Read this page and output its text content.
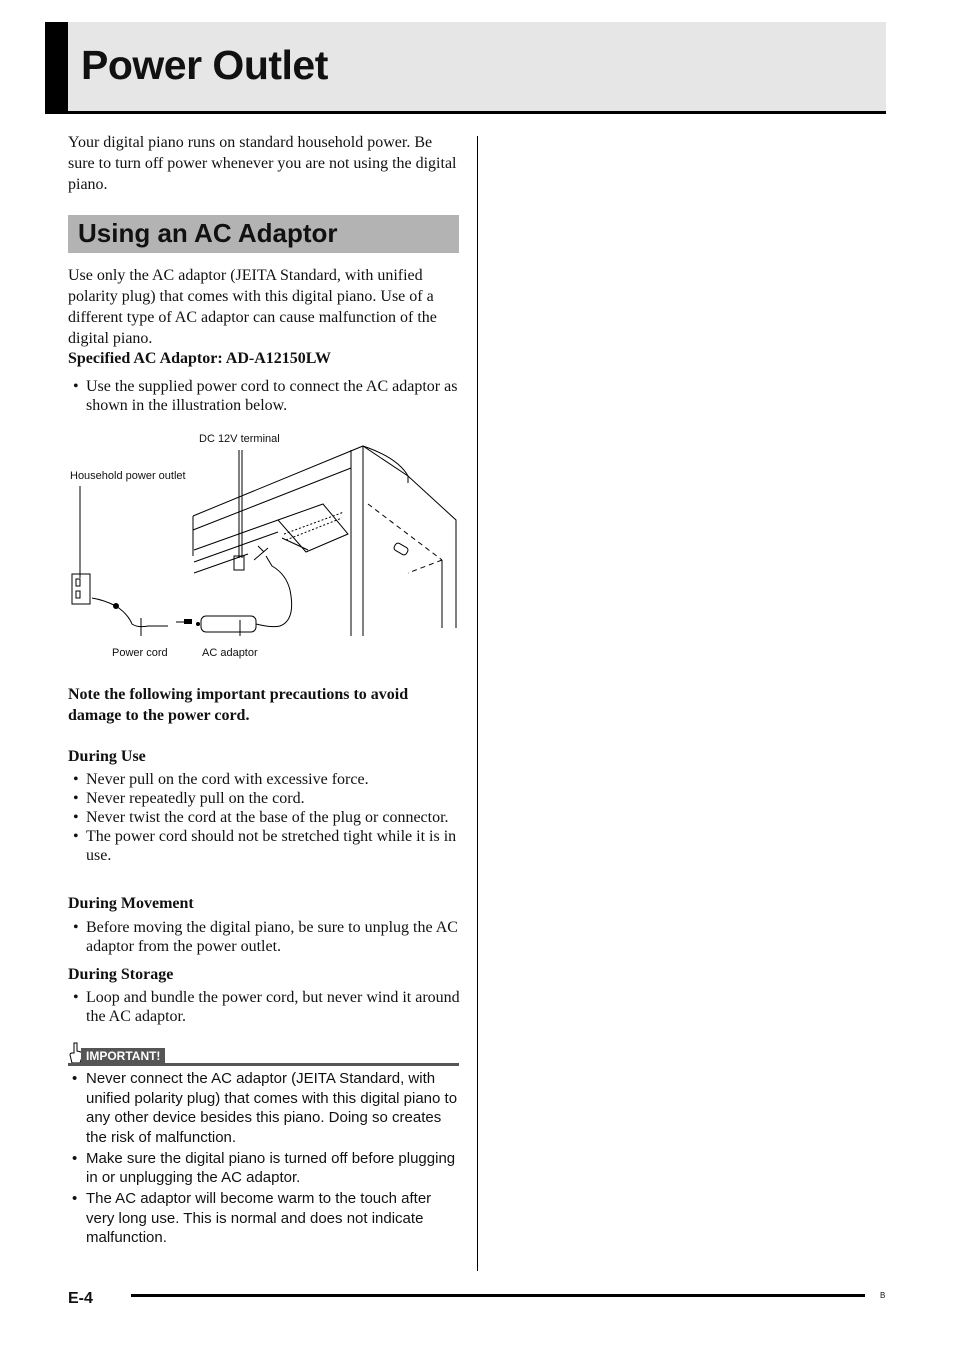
Power Outlet

Your digital piano runs on standard household power. Be sure to turn off power whenever you are not using the digital piano.

Using an AC Adaptor

Use only the AC adaptor (JEITA Standard, with unified polarity plug) that comes with this digital piano. Use of a different type of AC adaptor can cause malfunction of the digital piano.

Specified AC Adaptor: AD-A12150LW

• Use the supplied power cord to connect the AC adaptor as shown in the illustration below.
DC 12V terminal
Household power outlet
Power cord	AC adaptor

Note the following important precautions to avoid damage to the power cord.

During Use

• Never pull on the cord with excessive force.
• Never repeatedly pull on the cord.
• Never twist the cord at the base of the plug or connector.
• The power cord should not be stretched tight while it is in use.

During Movement

• Before moving the digital piano, be sure to unplug the AC adaptor from the power outlet.

During Storage

• Loop and bundle the power cord, but never wind it around the AC adaptor.
IMPORTANT!
• Never connect the AC adaptor (JEITA Standard, with unified polarity plug) that comes with this digital piano to any other device besides this piano. Doing so creates the risk of malfunction.
• Make sure the digital piano is turned off before plugging in or unplugging the AC adaptor.
• The AC adaptor will become warm to the touch after very long use. This is normal and does not indicate malfunction.

E-4	B
